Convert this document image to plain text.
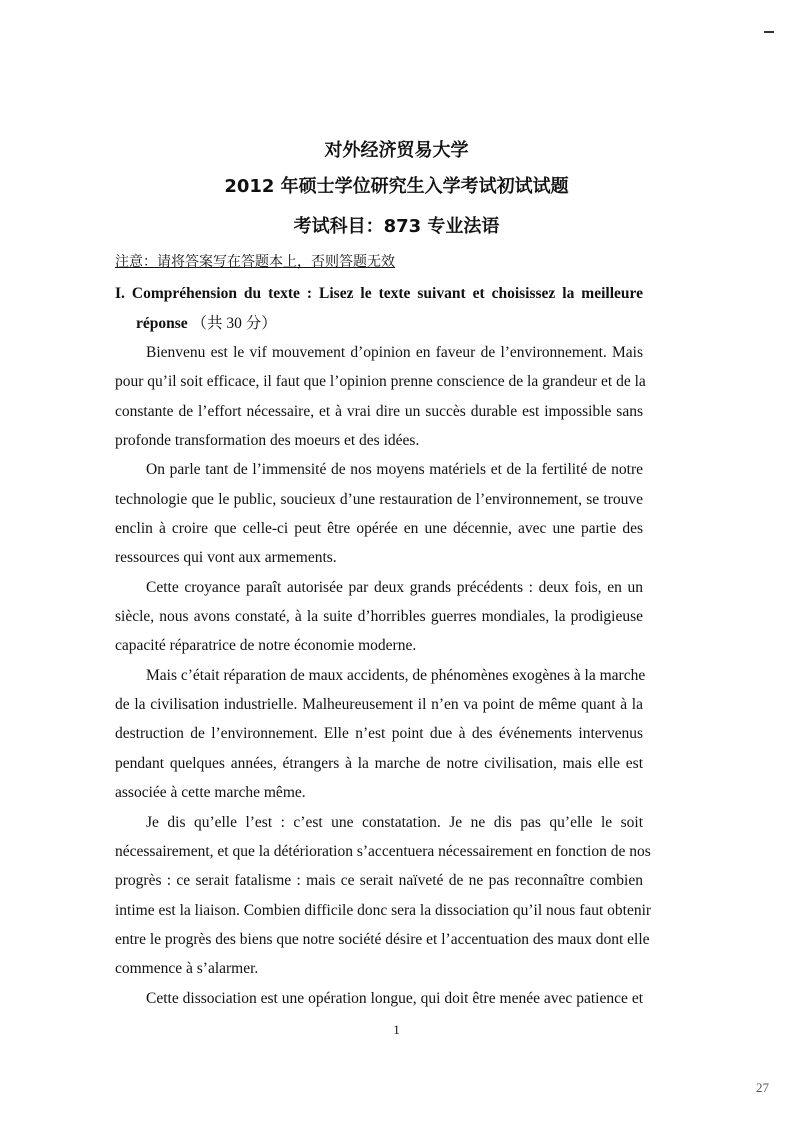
对外经济贸易大学
2012 年硕士学位研究生入学考试初试试题
考试科目：873 专业法语
注意：请将答案写在答题本上，否则答题无效
I. Compréhension du texte : Lisez le texte suivant et choisissez la meilleure
réponse （共 30 分）
Bienvenu est le vif mouvement d’opinion en faveur de l’environnement. Mais
pour qu’il soit efficace, il faut que l’opinion prenne conscience de la grandeur et de la
constante de l’effort nécessaire, et à vrai dire un succès durable est impossible sans
profonde transformation des moeurs et des idées.
On parle tant de l’immensité de nos moyens matériels et de la fertilité de notre
technologie que le public, soucieux d’une restauration de l’environnement, se trouve
enclin à croire que celle-ci peut être opérée en une décennie, avec une partie des
ressources qui vont aux armements.
Cette croyance paraît autorisée par deux grands précédents : deux fois, en un
siècle, nous avons constaté, à la suite d’horribles guerres mondiales, la prodigieuse
capacité réparatrice de notre économie moderne.
Mais c’était réparation de maux accidents, de phénomènes exogènes à la marche
de la civilisation industrielle. Malheureusement il n’en va point de même quant à la
destruction de l’environnement. Elle n’est point due à des événements intervenus
pendant quelques années, étrangers à la marche de notre civilisation, mais elle est
associée à cette marche même.
Je dis qu’elle l’est : c’est une constatation. Je ne dis pas qu’elle le soit
nécessairement, et que la détérioration s’accentuera nécessairement en fonction de nos
progrès : ce serait fatalisme : mais ce serait naïveté de ne pas reconnaître combien
intime est la liaison. Combien difficile donc sera la dissociation qu’il nous faut obtenir
entre le progrès des biens que notre société désire et l’accentuation des maux dont elle
commence à s’alarmer.
Cette dissociation est une opération longue, qui doit être menée avec patience et
1
27
